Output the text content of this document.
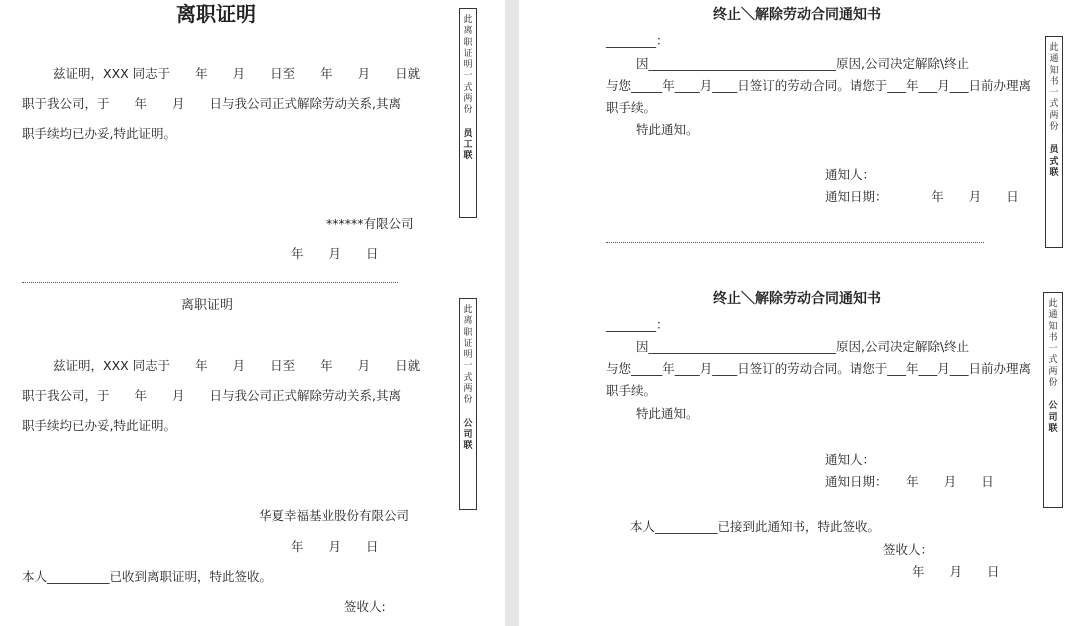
离职证明
兹证明，XXX 同志于　　年　　月　　日至　　年　　月　　日就
职于我公司，于　　年　　月　　日与我公司正式解除劳动关系,其离
职手续均已办妥,特此证明。
******有限公司
年　　月　　日
此
离
职
证
明
一
式
两
份
员
工
联
离职证明
兹证明，XXX 同志于　　年　　月　　日至　　年　　月　　日就
职于我公司，于　　年　　月　　日与我公司正式解除劳动关系,其离
职手续均已办妥,特此证明。
华夏幸福基业股份有限公司
年　　月　　日
本人__________已收到离职证明，特此签收。
签收人:
此
离
职
证
明
一
式
两
份
公
司
联
终止＼解除劳动合同通知书
________：
因______________________________原因,公司决定解除\终止
与您_____年____月____日签订的劳动合同。请您于___年___月___日前办理离
职手续。
特此通知。
通知人：
通知日期：　　　　年　　月　　日
此
通
知
书
一
式
两
份
员
式
联
终止＼解除劳动合同通知书
________：
因______________________________原因,公司决定解除\终止
与您_____年____月____日签订的劳动合同。请您于___年___月___日前办理离
职手续。
特此通知。
通知人：
通知日期：　　年　　月　　日
本人__________已接到此通知书，特此签收。
签收人：
年　　月　　日
此
通
知
书
一
式
两
份
公
司
联
